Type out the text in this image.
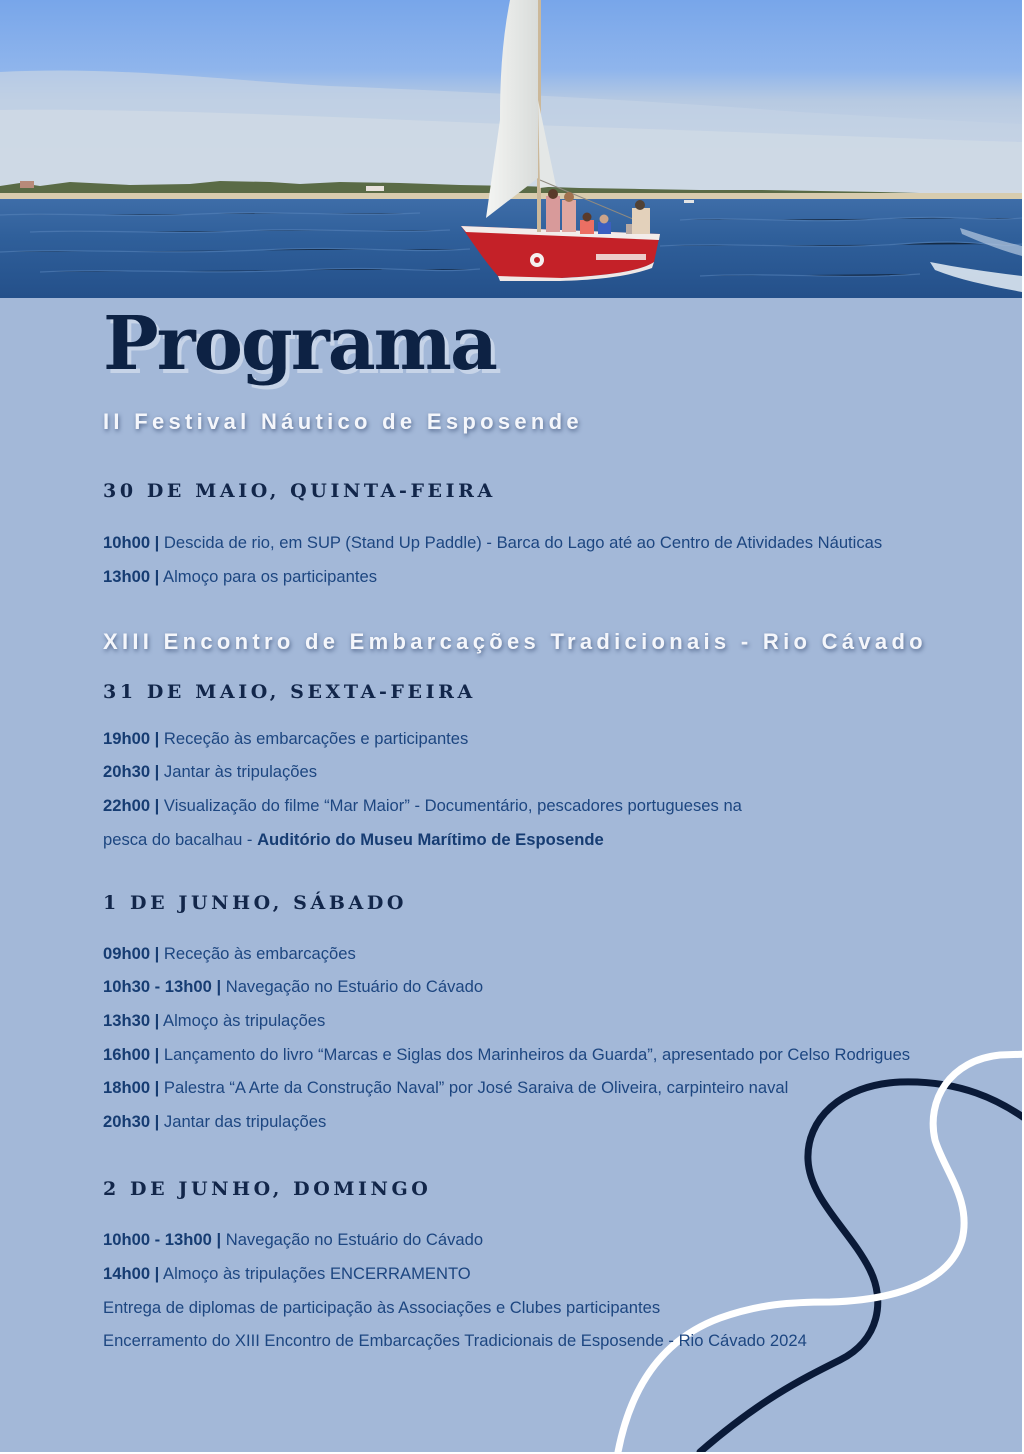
Programa
II Festival Náutico de Esposende
30 DE MAIO, QUINTA-FEIRA

10h00 | Descida de rio, em SUP (Stand Up Paddle) - Barca do Lago até ao Centro de Atividades Náuticas

13h00 | Almoço para os participantes

XIII Encontro de Embarcações Tradicionais - Rio Cávado
31 DE MAIO, SEXTA-FEIRA

19h00 | Receção às embarcações e participantes

20h30 | Jantar às tripulações

22h00 | Visualização do filme “Mar Maior” - Documentário, pescadores portugueses na

pesca do bacalhau - Auditório do Museu Marítimo de Esposende

1 DE JUNHO, SÁBADO

09h00 | Receção às embarcações

10h30 - 13h00 | Navegação no Estuário do Cávado

13h30 | Almoço às tripulações

16h00 | Lançamento do livro “Marcas e Siglas dos Marinheiros da Guarda”, apresentado por Celso Rodrigues

18h00 | Palestra “A Arte da Construção Naval” por José Saraiva de Oliveira, carpinteiro naval

20h30 | Jantar das tripulações

2 DE JUNHO, DOMINGO

10h00 - 13h00 | Navegação no Estuário do Cávado

14h00 | Almoço às tripulações ENCERRAMENTO

Entrega de diplomas de participação às Associações e Clubes participantes

Encerramento do XIII Encontro de Embarcações Tradicionais de Esposende - Rio Cávado 2024
